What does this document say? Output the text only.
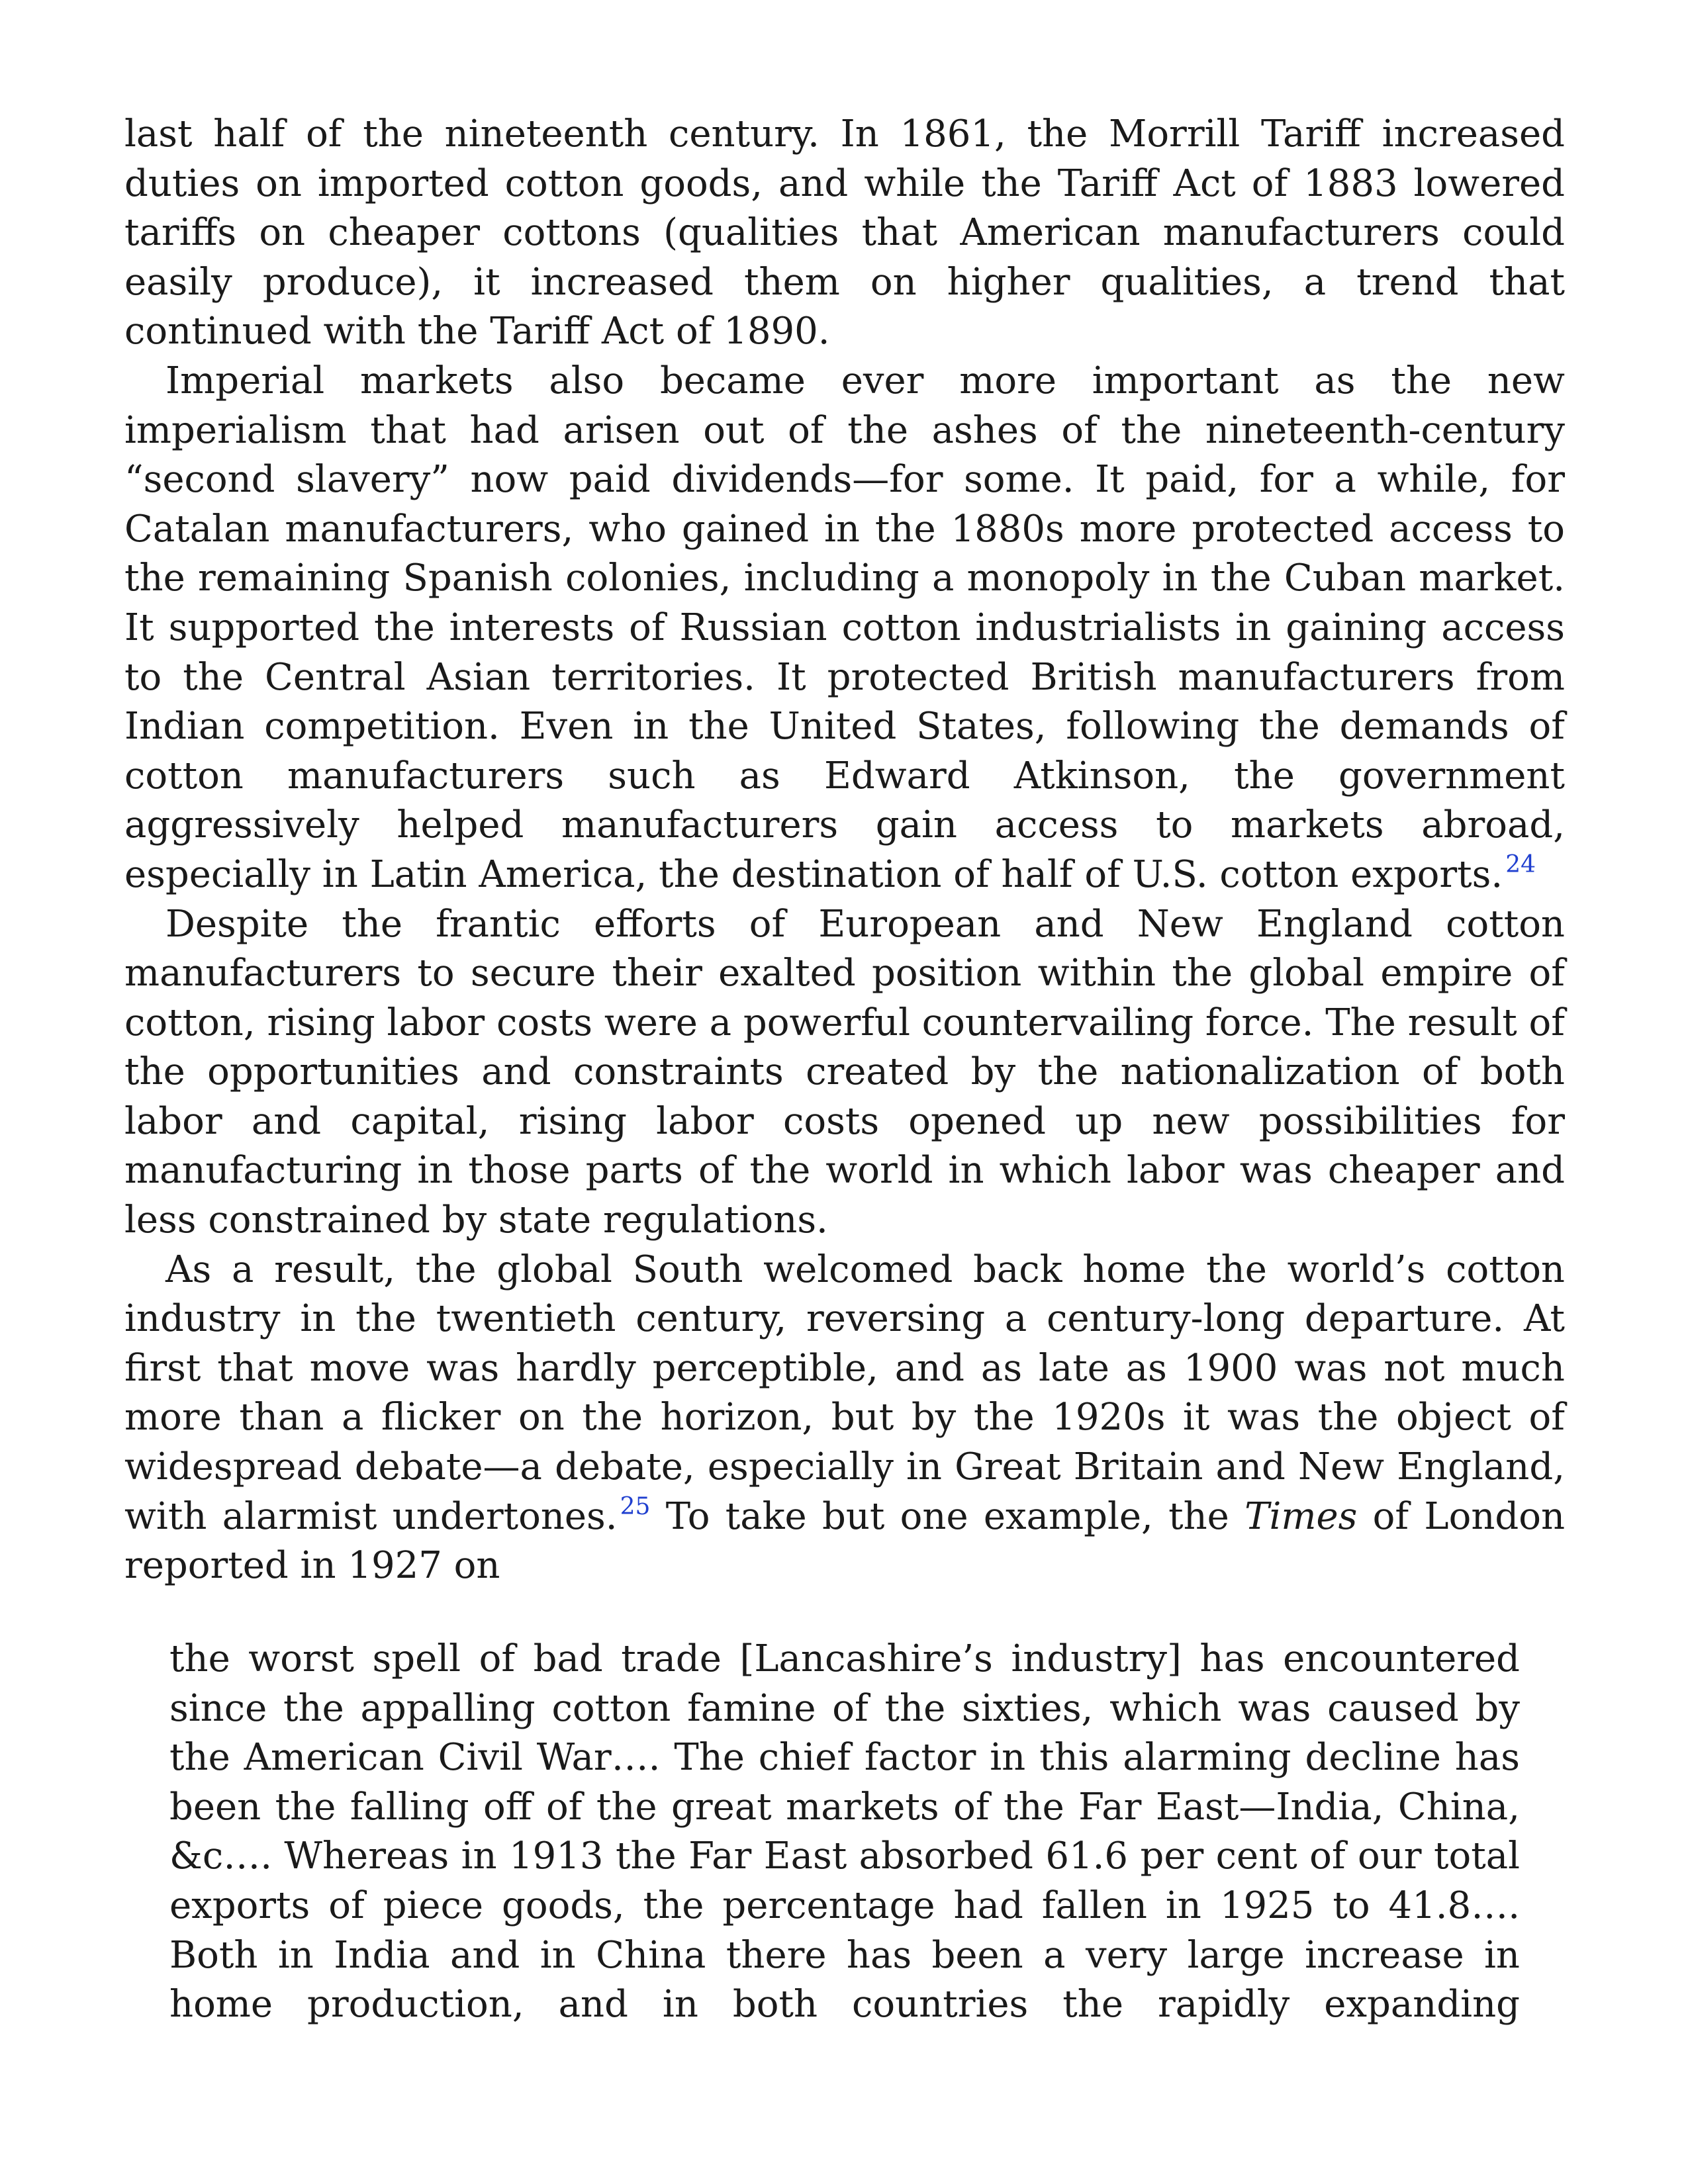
last half of the nineteenth century. In 1861, the Morrill Tariff increased duties on imported cotton goods, and while the Tariff Act of 1883 lowered tariffs on cheaper cottons (qualities that American manufacturers could easily produce), it increased them on higher qualities, a trend that continued with the Tariff Act of 1890.

Imperial markets also became ever more important as the new imperialism that had arisen out of the ashes of the nineteenth-century “second slavery” now paid dividends—for some. It paid, for a while, for Catalan manufacturers, who gained in the 1880s more protected access to the remaining Spanish colonies, including a monopoly in the Cuban market. It supported the interests of Russian cotton industrialists in gaining access to the Central Asian territories. It protected British manufacturers from Indian competition. Even in the United States, following the demands of cotton manufacturers such as Edward Atkinson, the government aggressively helped manufacturers gain access to markets abroad, especially in Latin America, the destination of half of U.S. cotton exports. $^{24}$

Despite the frantic efforts of European and New England cotton manufacturers to secure their exalted position within the global empire of cotton, rising labor costs were a powerful countervailing force. The result of the opportunities and constraints created by the nationalization of both labor and capital, rising labor costs opened up new possibilities for manufacturing in those parts of the world in which labor was cheaper and less constrained by state regulations.

As a result, the global South welcomed back home the world’s cotton industry in the twentieth century, reversing a century-long departure. At first that move was hardly perceptible, and as late as 1900 was not much more than a flicker on the horizon, but by the 1920s it was the object of widespread debate—a debate, especially in Great Britain and New England, with alarmist undertones. $^{25}$ To take but one example, the Times of London reported in 1927 on

the worst spell of bad trade [Lancashire’s industry] has encountered since the appalling cotton famine of the sixties, which was caused by the American Civil War…. The chief factor in this alarming decline has been the falling off of the great markets of the Far East—India, China, &c…. Whereas in 1913 the Far East absorbed 61.6 per cent of our total exports of piece goods, the percentage had fallen in 1925 to 41.8…. Both in India and in China there has been a very large increase in home production, and in both countries the rapidly expanding
